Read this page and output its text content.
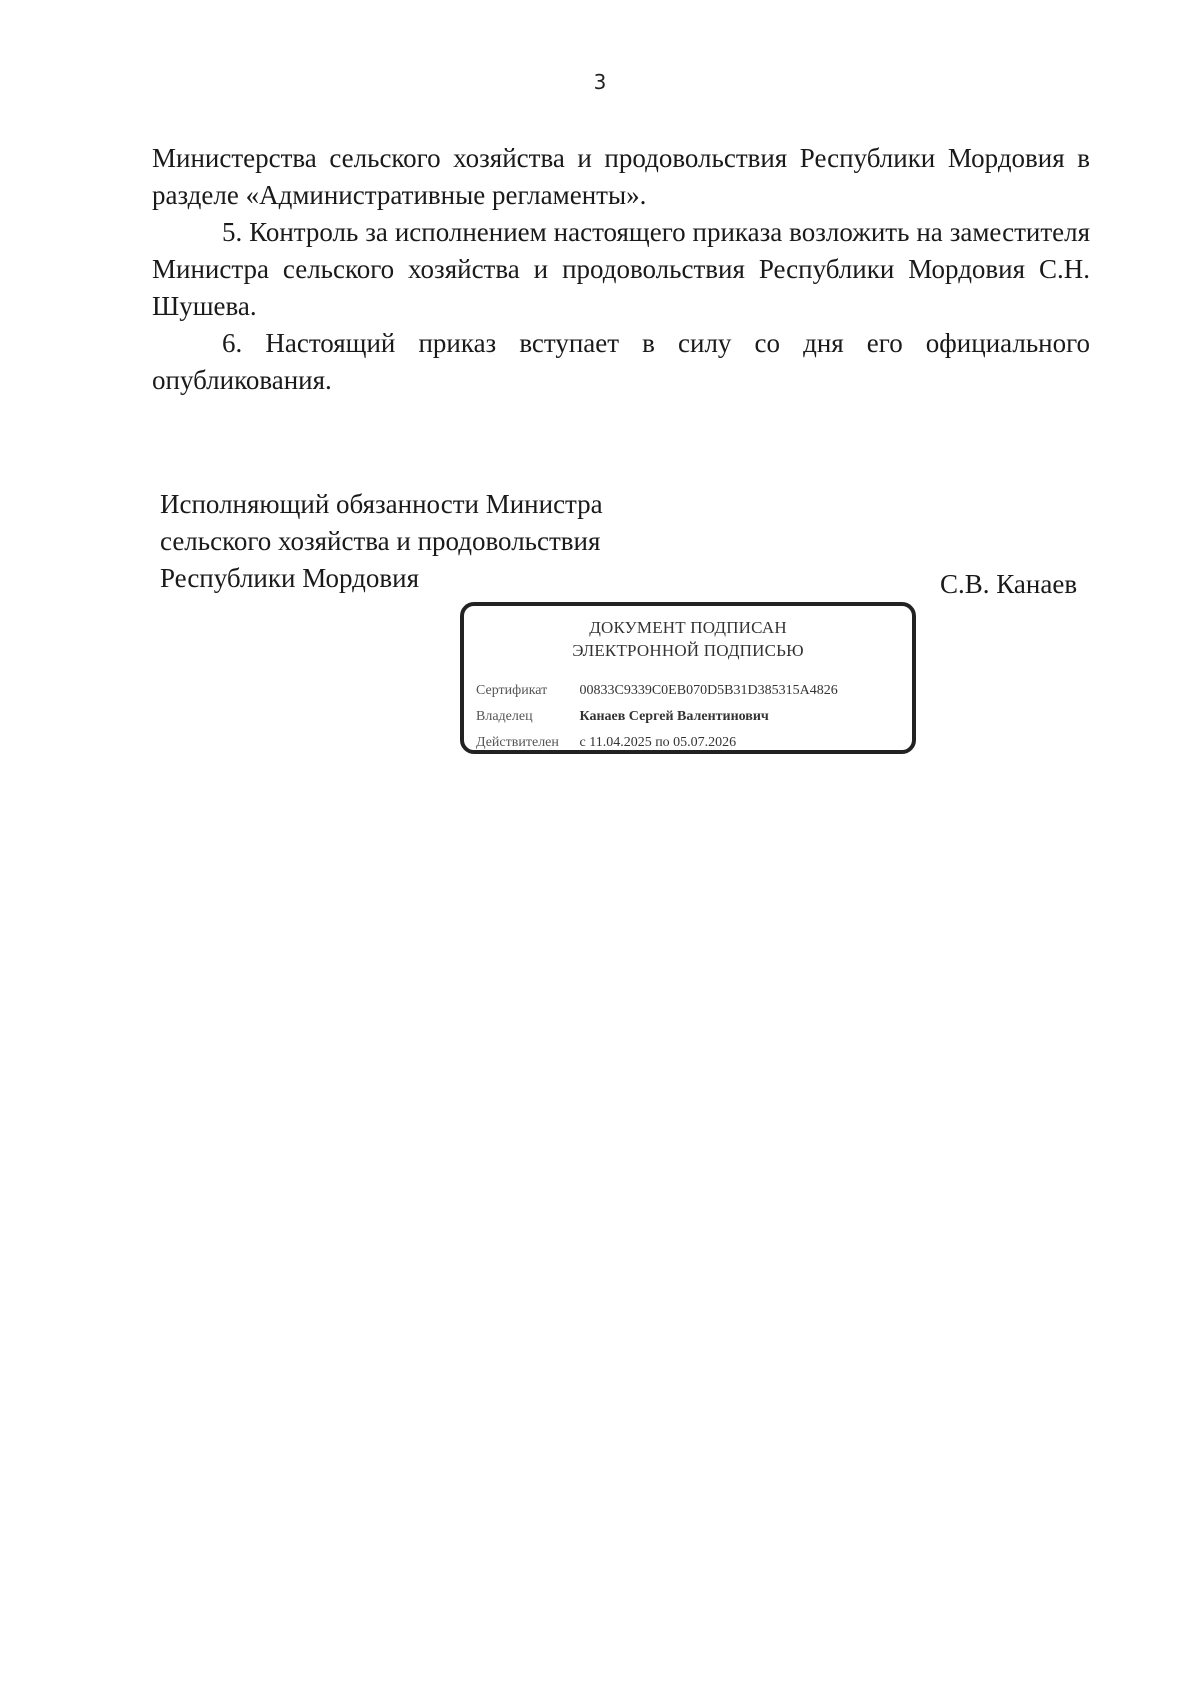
3

Министерства сельского хозяйства и продовольствия Республики Мордовия в разделе «Административные регламенты».

5. Контроль за исполнением настоящего приказа возложить на заместителя Министра сельского хозяйства и продовольствия Республики Мордовия С.Н. Шушева.

6. Настоящий приказ вступает в силу со дня его официального опубликования.

Исполняющий обязанности Министра
сельского хозяйства и продовольствия
Республики Мордовия	С.В. Канаев
ДОКУМЕНТ ПОДПИСАН
ЭЛЕКТРОННОЙ ПОДПИСЬЮ
Сертификат 00833C9339C0EB070D5B31D385315A4826
Владелец	Канаев Сергей Валентинович
Действителен с 11.04.2025 по 05.07.2026
